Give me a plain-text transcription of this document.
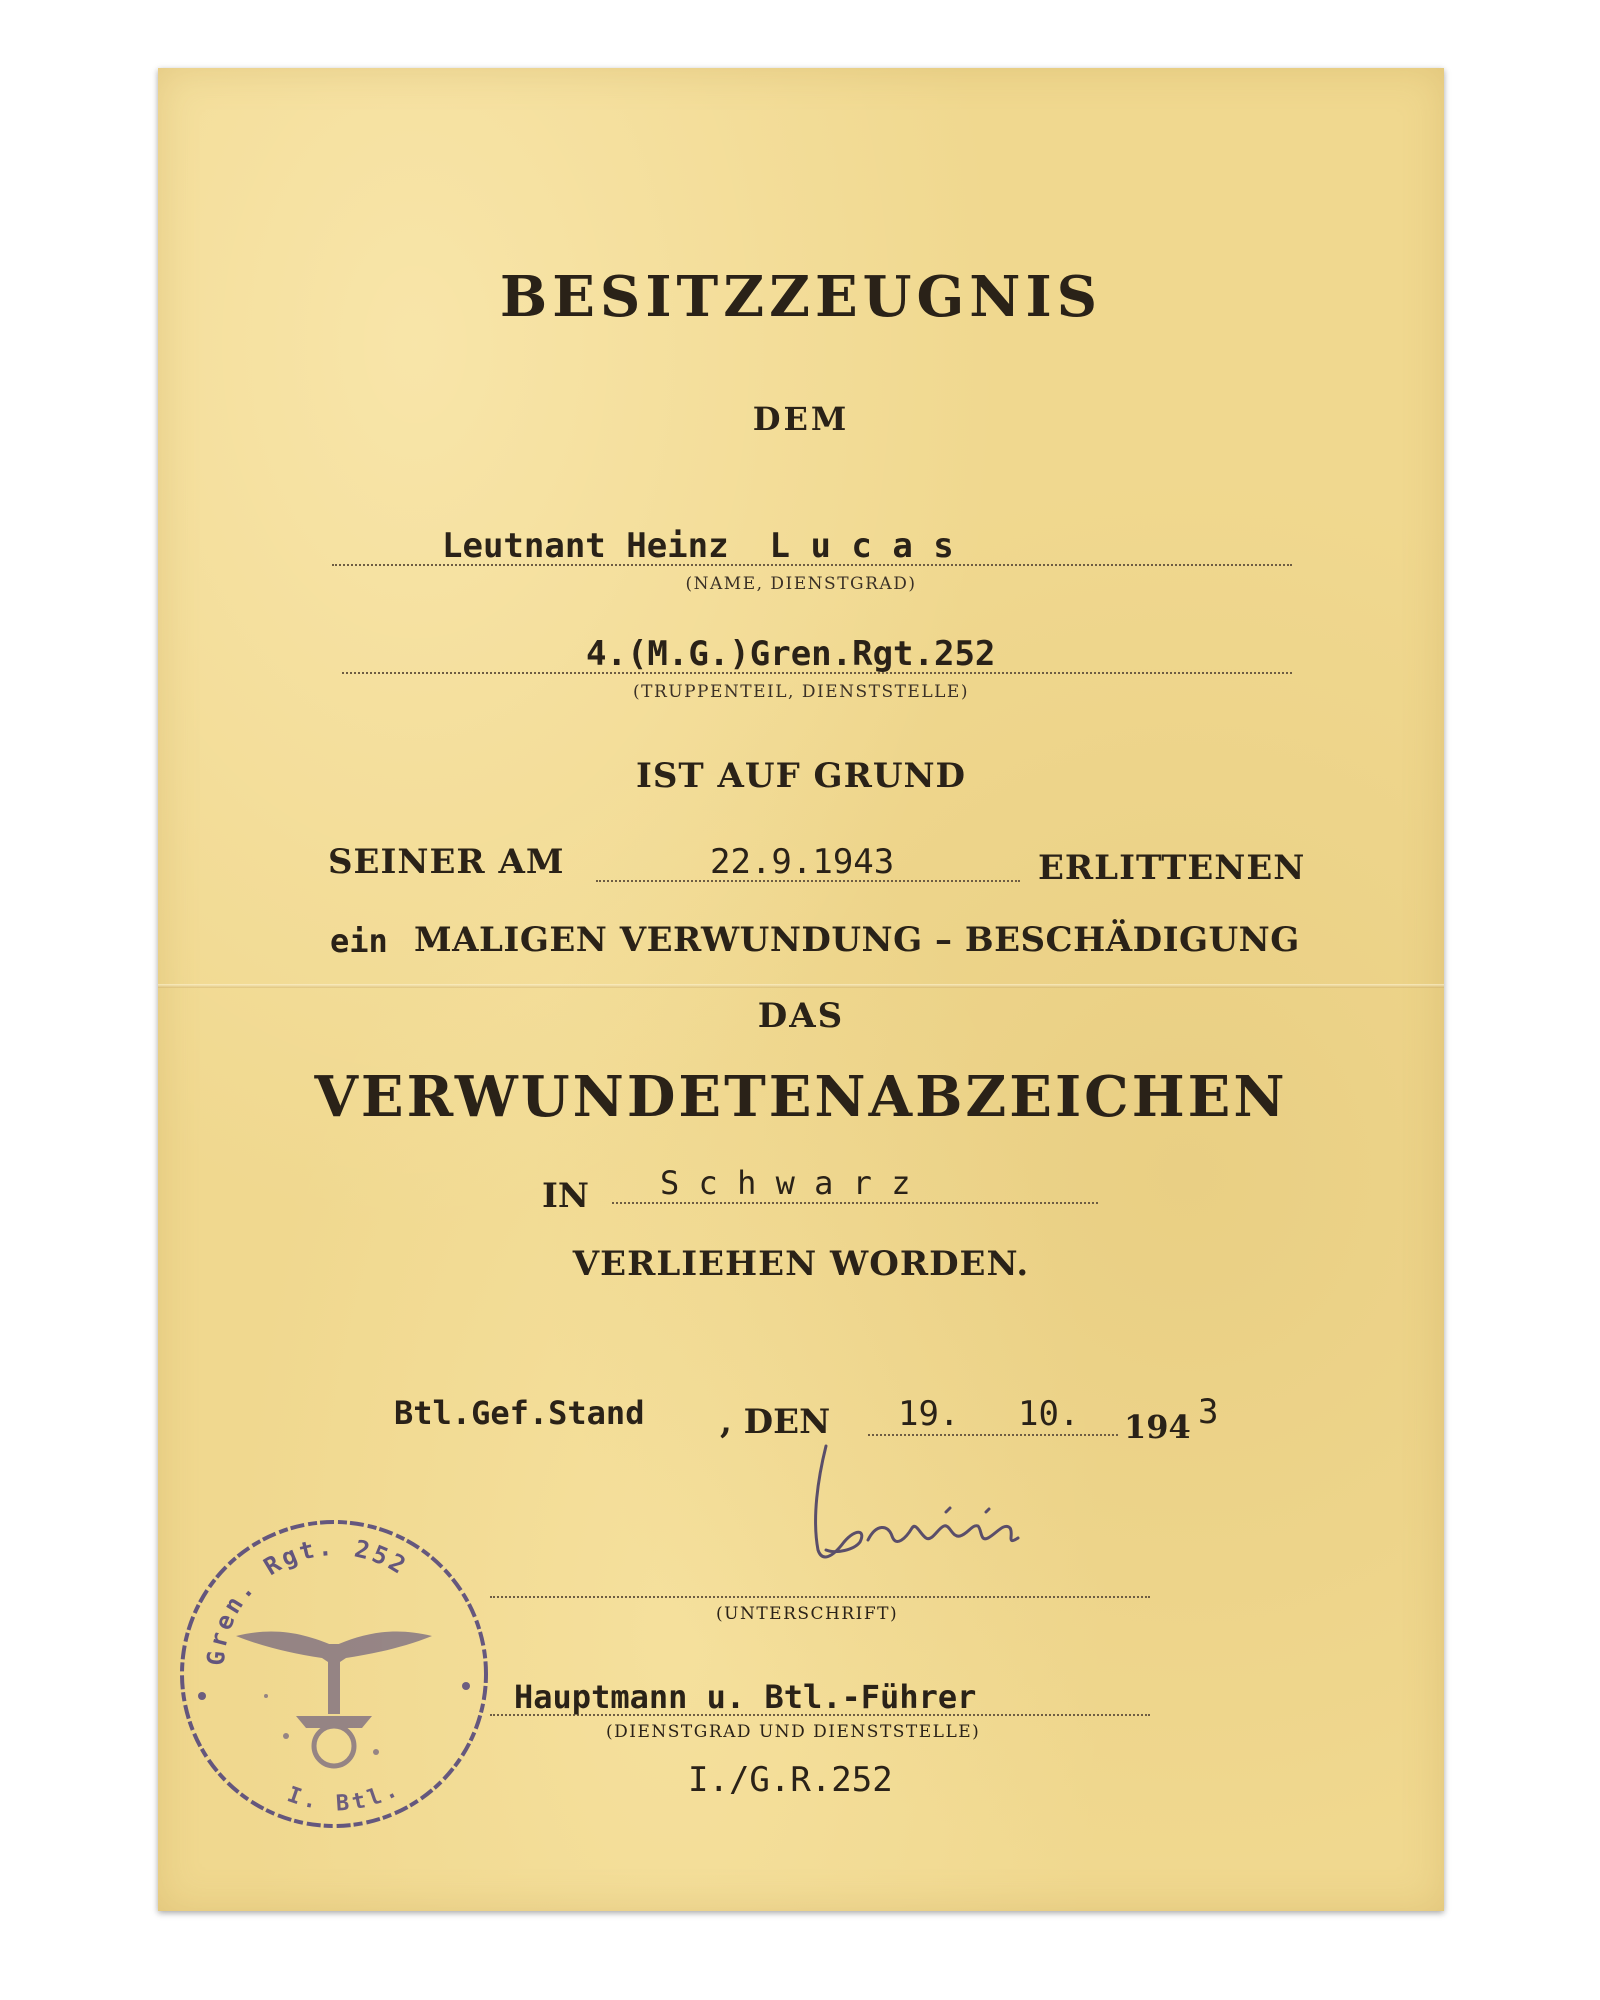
BESITZZEUGNIS
DEM
Leutnant Heinz  L u c a s
(NAME, DIENSTGRAD)
4.(M.G.)Gren.Rgt.252
(TRUPPENTEIL, DIENSTSTELLE)
IST AUF GRUND
SEINER AM	22.9.1943	ERLITTENEN
ein MALIGEN VERWUNDUNG – BESCHÄDIGUNG
DAS
VERWUNDETENABZEICHEN
IN S c h w a r z
VERLIEHEN WORDEN.
Btl.Gef.Stand , DEN 19. 10. 194 3
(UNTERSCHRIFT)
Hauptmann u. Btl.-Führer
(DIENSTGRAD UND DIENSTSTELLE)
I./G.R.252
Gren. Rgt. 252
I. Btl.
